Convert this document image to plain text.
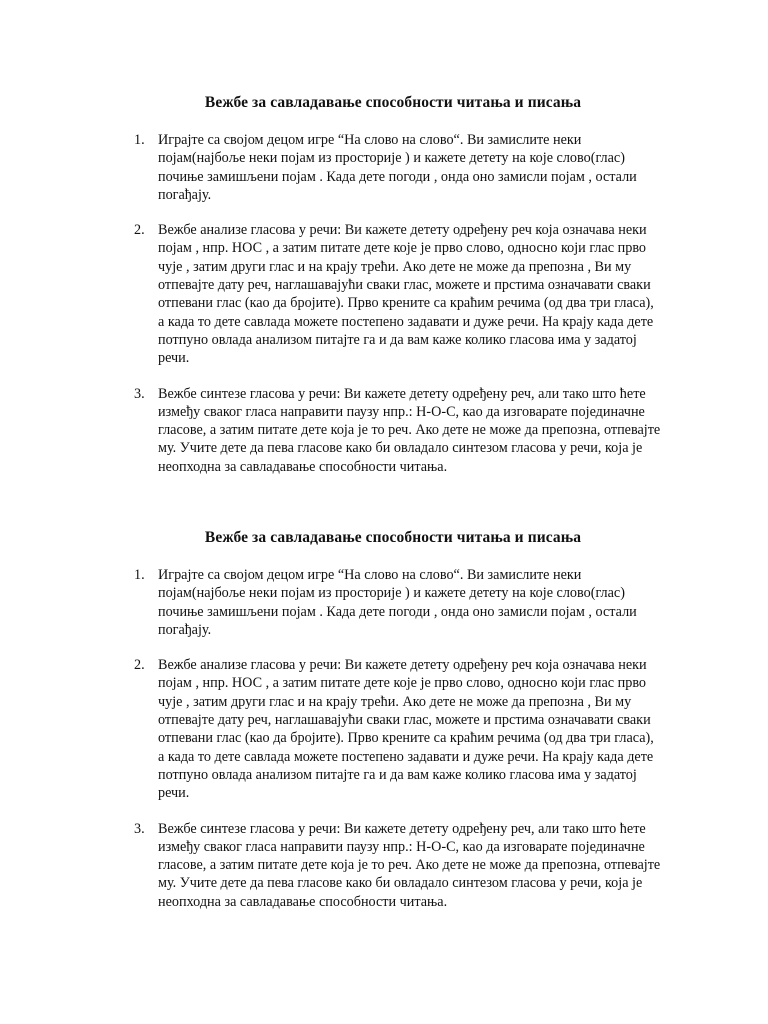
Вежбе за савладавање способности читања и писања
1. Играјте са својом децом игре “На слово на слово“. Ви замислите неки појам(најбоље неки појам из просторије ) и кажете детету на које слово(глас) почиње замишљени појам . Када дете погоди , онда оно замисли појам , остали погађају.
2. Вежбе анализе гласова у речи: Ви кажете детету одређену реч која означава неки појам , нпр. НОС , а затим питате дете које је прво слово, односно који глас прво чује , затим други глас и на крају трећи. Ако дете не може да препозна , Ви му отпевајте дату реч, наглашавајући сваки глас, можете и прстима означавати сваки отпевани глас (као да бројите). Прво кренитe са краћим речима (од два три гласа), а када то дете савлада можете постепено задавати и дуже речи. На крају када дете потпуно овлада анализом питајте га и да вам каже колико гласова има у задатој речи.
3. Вежбе синтезе гласова у речи: Ви кажете детету одређену реч, али тако што ћете између сваког гласа направити паузу нпр.: Н-О-С, као да изговарате појединачне гласове, а затим питате дете која је то реч. Ако дете не може да препозна, отпевајте му. Учите дете да пева гласове како би овладало синтезом гласова у речи, која је неопходна за савладавање способности читања.
Вежбе за савладавање способности читања и писања
1. Играјте са својом децом игре “На слово на слово“. Ви замислите неки појам(најбоље неки појам из просторије ) и кажете детету на које слово(глас) почиње замишљени појам . Када дете погоди , онда оно замисли појам , остали погађају.
2. Вежбе анализе гласова у речи: Ви кажете детету одређену реч која означава неки појам , нпр. НОС , а затим питате дете које је прво слово, односно који глас прво чује , затим други глас и на крају трећи. Ако дете не може да препозна , Ви му отпевајте дату реч, наглашавајући сваки глас, можете и прстима означавати сваки отпевани глас (као да бројите). Прво кренитe са краћим речима (од два три гласа), а када то дете савлада можете постепено задавати и дуже речи. На крају када дете потпуно овлада анализом питајте га и да вам каже колико гласова има у задатој речи.
3. Вежбе синтезе гласова у речи: Ви кажете детету одређену реч, али тако што ћете између сваког гласа направити паузу нпр.: Н-О-С, као да изговарате појединачне гласове, а затим питате дете која је то реч. Ако дете не може да препозна, отпевајте му. Учите дете да пева гласове како би овладало синтезом гласова у речи, која је неопходна за савладавање способности читања.
